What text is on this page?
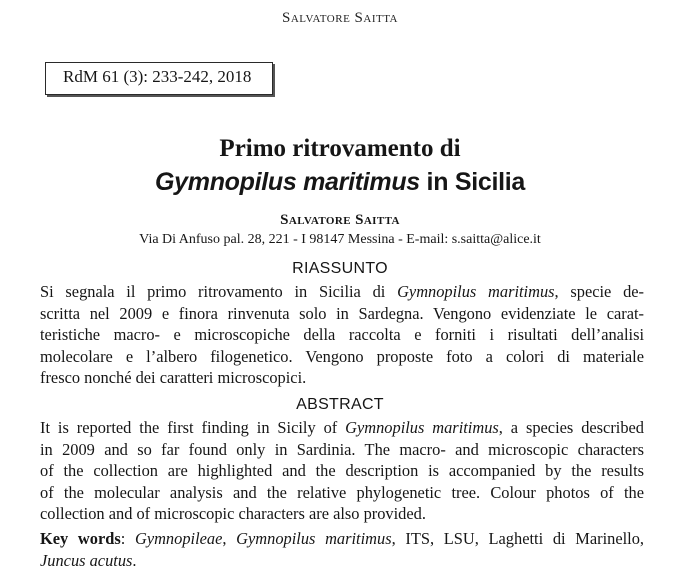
Salvatore Saitta
RdM 61 (3): 233-242, 2018
Primo ritrovamento di
Gymnopilus maritimus in Sicilia
Salvatore Saitta
Via Di Anfuso pal. 28, 221 - I 98147 Messina - E-mail: s.saitta@alice.it
RIASSUNTO
Si segnala il primo ritrovamento in Sicilia di Gymnopilus maritimus, specie de-
scritta nel 2009 e finora rinvenuta solo in Sardegna. Vengono evidenziate le carat-
teristiche macro- e microscopiche della raccolta e forniti i risultati dell’analisi
molecolare e l’albero filogenetico. Vengono proposte foto a colori di materiale
fresco nonché dei caratteri microscopici.
ABSTRACT
It is reported the first finding in Sicily of Gymnopilus maritimus, a species described
in 2009 and so far found only in Sardinia. The macro- and microscopic characters
of the collection are highlighted and the description is accompanied by the results
of the molecular analysis and the relative phylogenetic tree. Colour photos of the
collection and of microscopic characters are also provided.
Key words: Gymnopileae, Gymnopilus maritimus, ITS, LSU, Laghetti di Marinello,
Juncus acutus.
